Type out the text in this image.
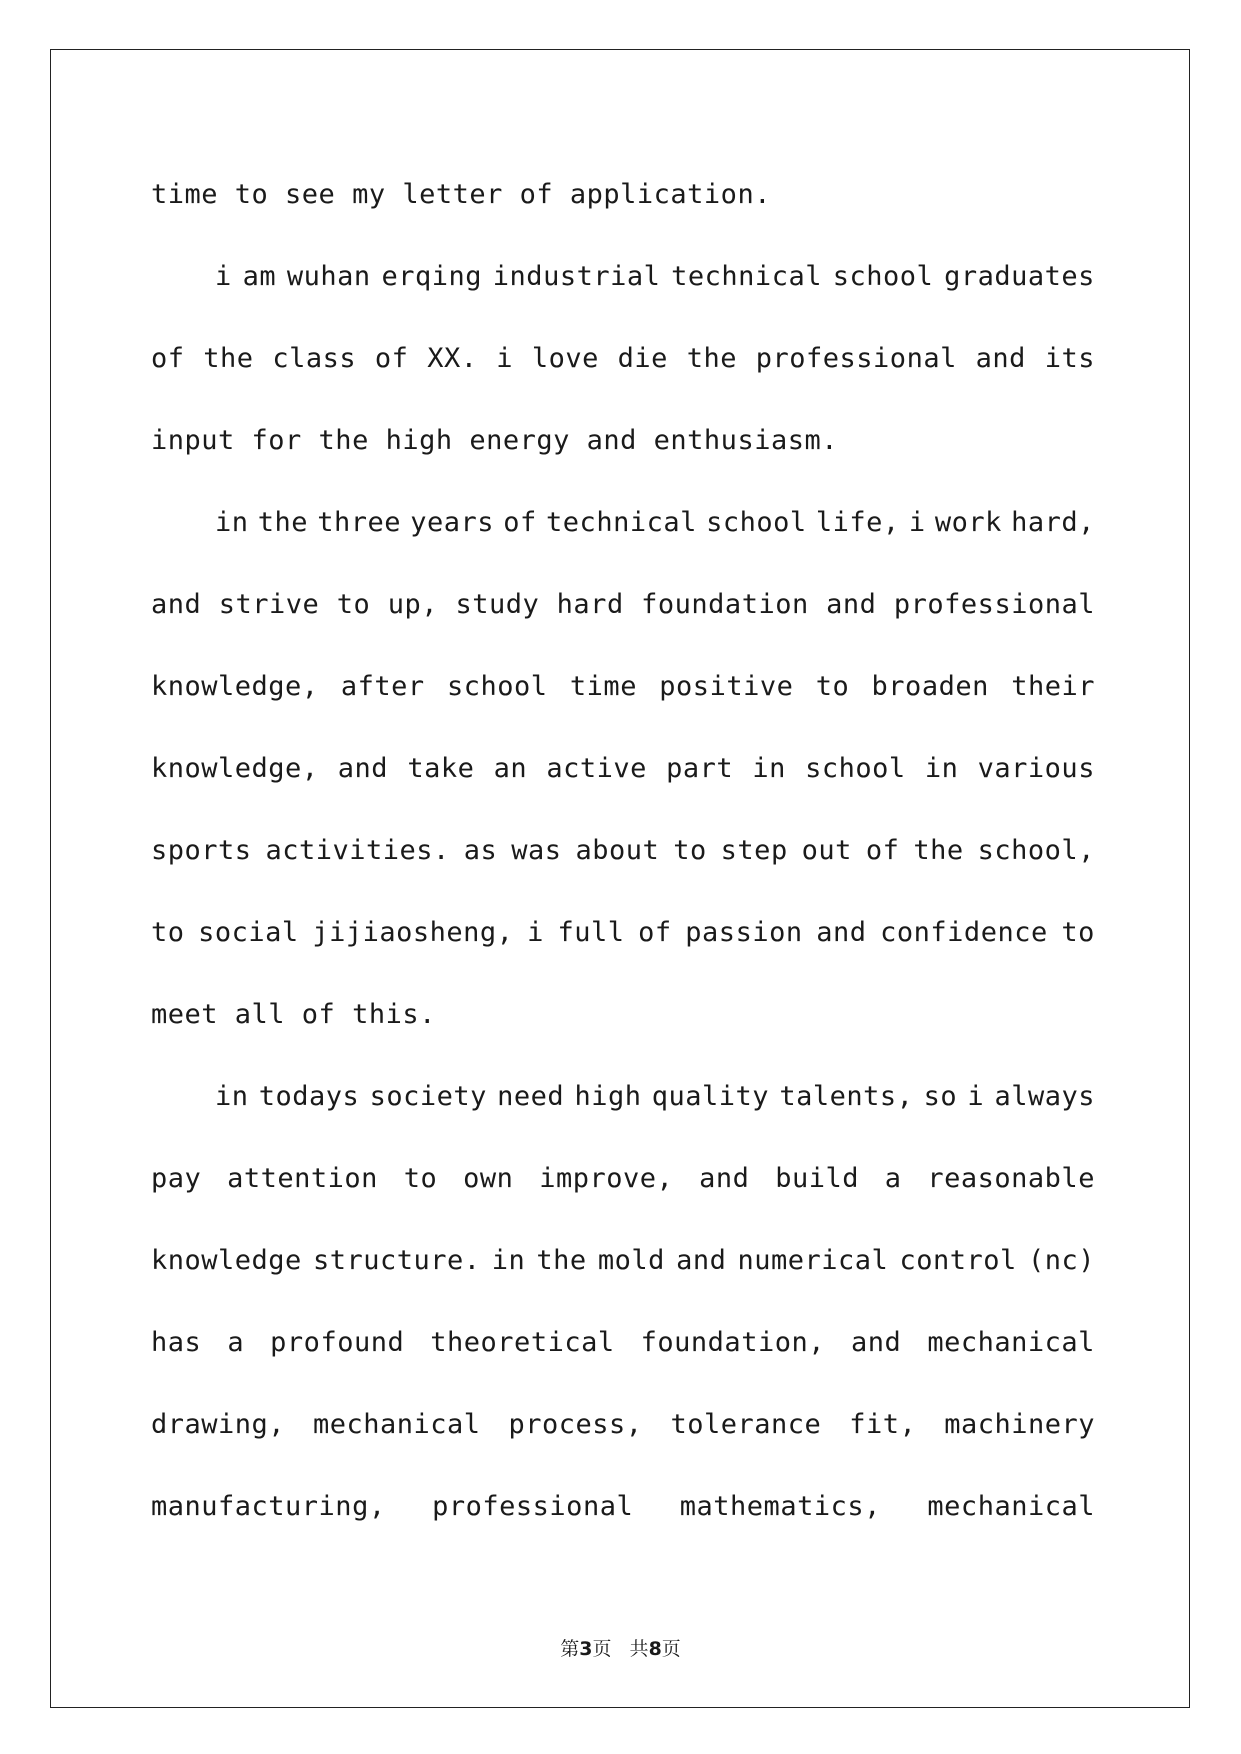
time to see my letter of application.
i am wuhan erqing industrial technical school graduates
of the class of XX. i love die the professional and its
input for the high energy and enthusiasm.
in the three years of technical school life, i work hard,
and strive to up, study hard foundation and professional
knowledge, after school time positive to broaden their
knowledge, and take an active part in school in various
sports activities. as was about to step out of the school,
to social jijiaosheng, i full of passion and confidence to
meet all of this.
in todays society need high quality talents, so i always
pay attention to own improve, and build a reasonable
knowledge structure. in the mold and numerical control (nc)
has a profound theoretical foundation, and mechanical
drawing, mechanical process, tolerance fit, machinery
manufacturing, professional mathematics, mechanical
第3页   共8页
